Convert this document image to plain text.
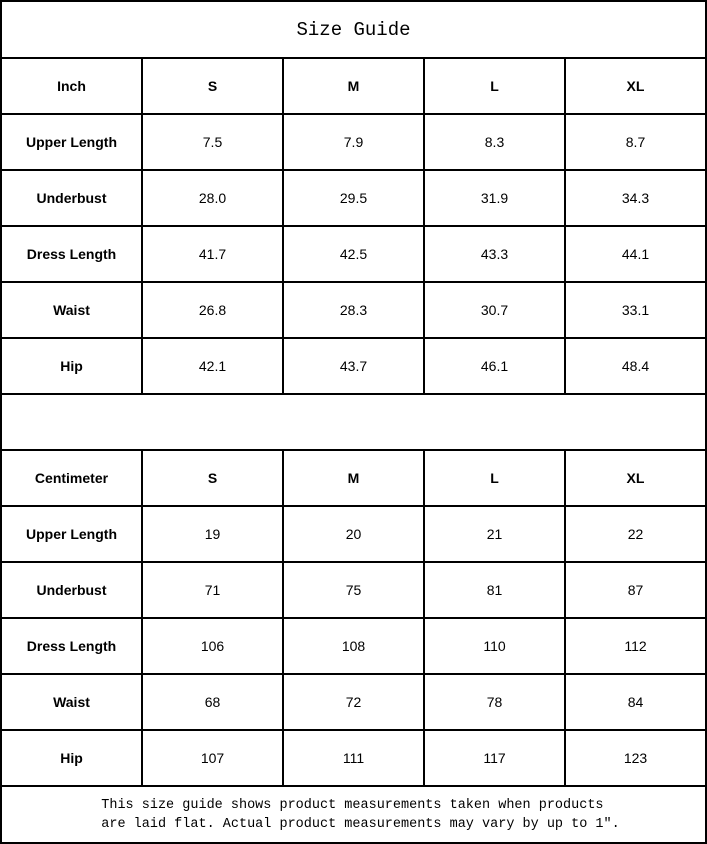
Size Guide				
Inch	S	M	L	XL
Upper Length	7.5	7.9	8.3	8.7
Underbust	28.0	29.5	31.9	34.3
Dress Length	41.7	42.5	43.3	44.1
Waist	26.8	28.3	30.7	33.1
Hip	42.1	43.7	46.1	48.4

Centimeter	S	M	L	XL
Upper Length	19	20	21	22
Underbust	71	75	81	87
Dress Length	106	108	110	112
Waist	68	72	78	84
Hip	107	111	117	123
This size guide shows product measurements taken when products
are laid flat. Actual product measurements may vary by up to 1″.				
